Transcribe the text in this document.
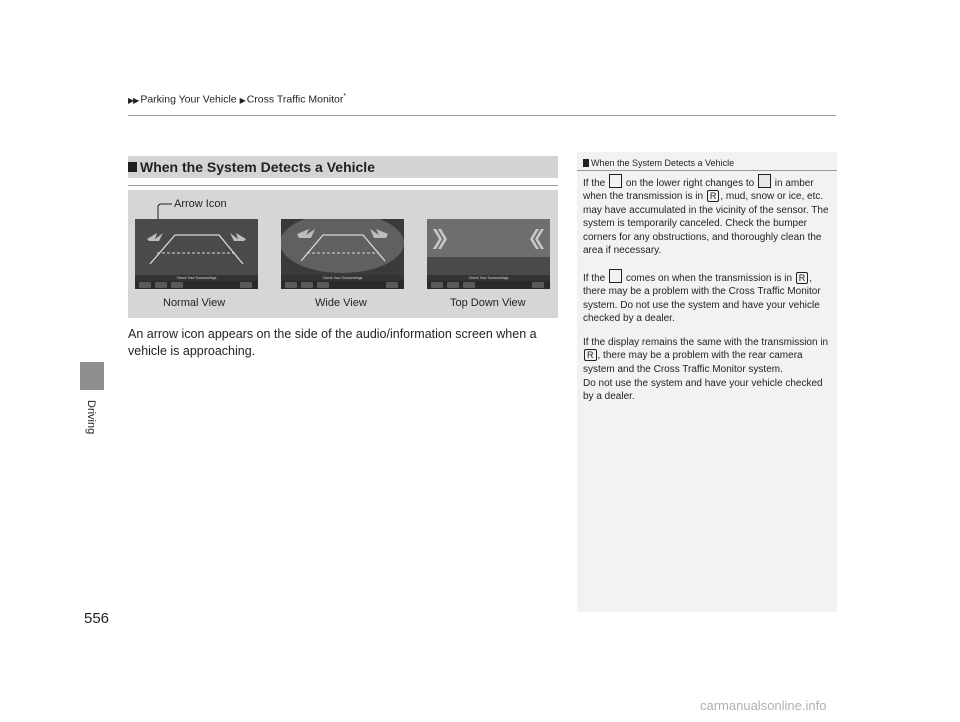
▶▶ Parking Your Vehicle ▶ Cross Traffic Monitor*
Driving
556
When the System Detects a Vehicle
Arrow Icon
Check Your Surroundings	Check Your Surroundings	Check Your Surroundings
Normal View	Wide View	Top Down View
An arrow icon appears on the side of the audio/information screen when a vehicle is approaching.
When the System Detects a Vehicle
If the on the lower right changes to in amber when the transmission is in R , mud, snow or ice, etc. may have accumulated in the vicinity of the sensor. The system is temporarily canceled. Check the bumper corners for any obstructions, and thoroughly clean the area if necessary.
If the comes on when the transmission is in R , there may be a problem with the Cross Traffic Monitor system. Do not use the system and have your vehicle checked by a dealer.
If the display remains the same with the transmission in R , there may be a problem with the rear camera system and the Cross Traffic Monitor system.
Do not use the system and have your vehicle checked by a dealer.
carmanualsonline.info
